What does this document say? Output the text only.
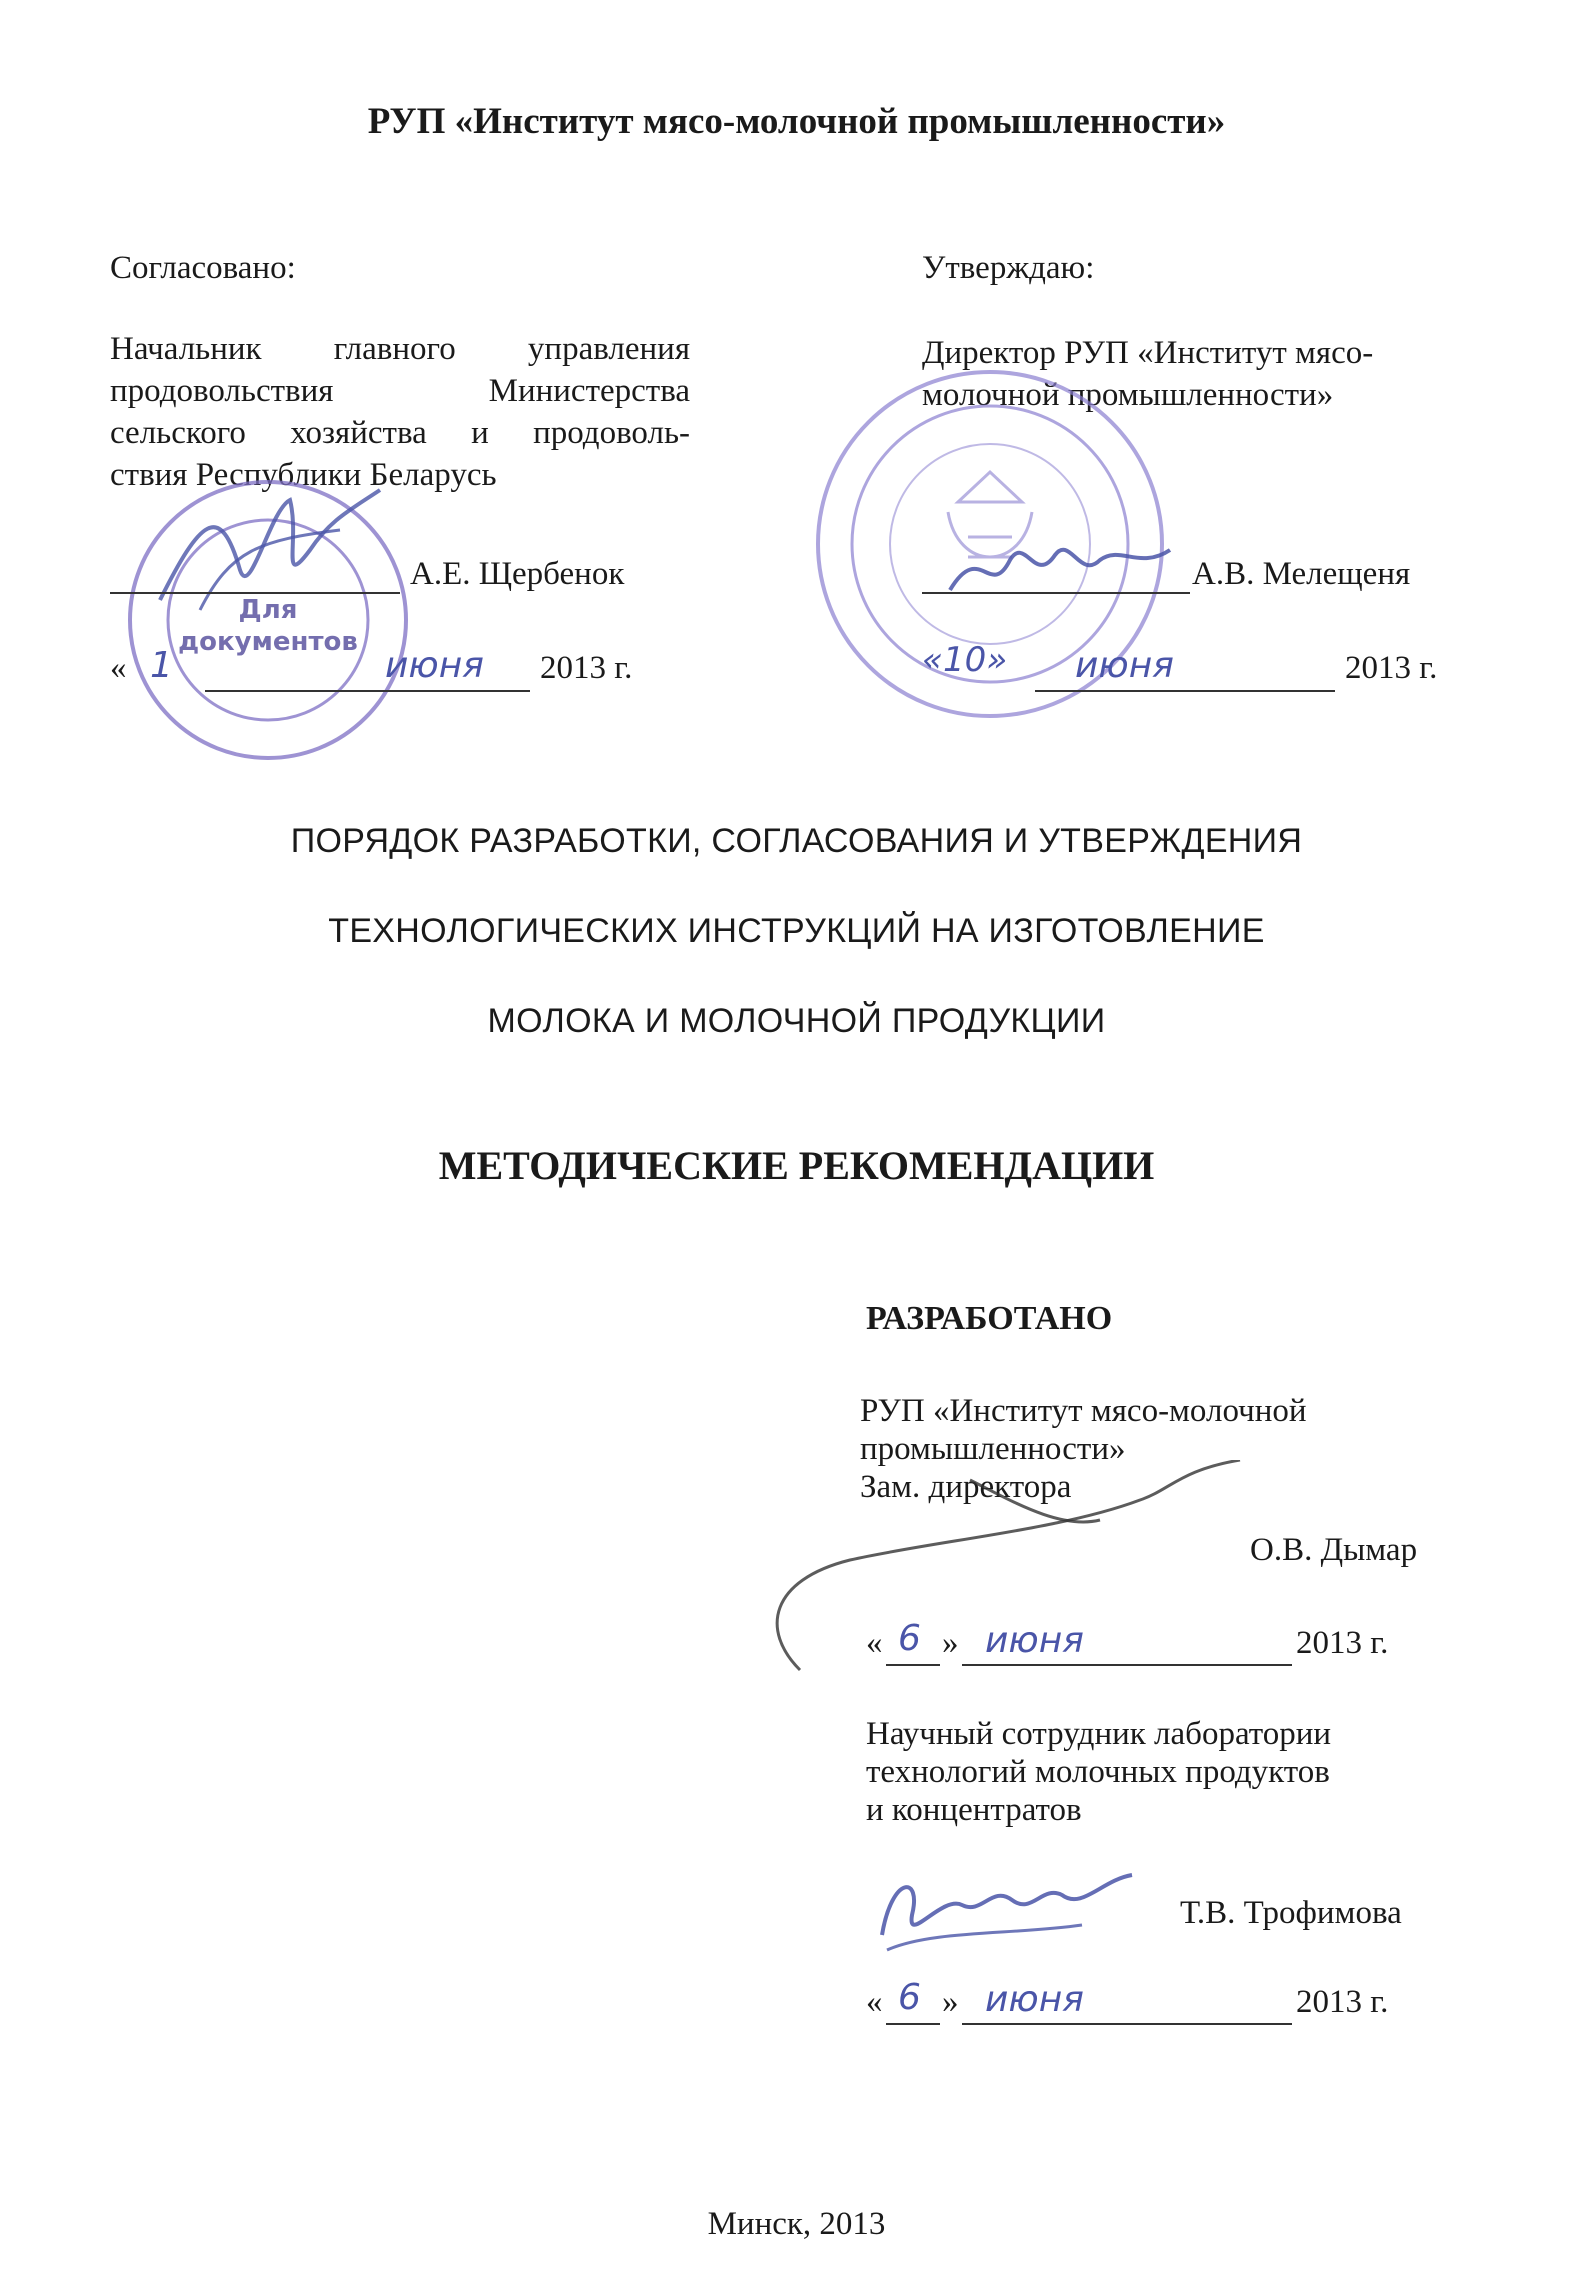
РУП «Институт мясо-молочной промышленности»
Согласовано:
Начальник главного управления
продовольствия Министерства
сельского хозяйства и продоволь-
ствия Республики Беларусь
Для
документов
А.Е. Щербенок
« 1	июня 2013 г.
Утверждаю:
Директор РУП «Институт мясо-
молочной промышленности»
А.В. Мелещеня
«10» июня	2013 г.
ПОРЯДОК РАЗРАБОТКИ, СОГЛАСОВАНИЯ И УТВЕРЖДЕНИЯ
ТЕХНОЛОГИЧЕСКИХ ИНСТРУКЦИЙ НА ИЗГОТОВЛЕНИЕ
МОЛОКА И МОЛОЧНОЙ ПРОДУКЦИИ
МЕТОДИЧЕСКИЕ РЕКОМЕНДАЦИИ
РАЗРАБОТАНО
РУП «Институт мясо-молочной
промышленности»
Зам. директора
О.В. Дымар
« 6 » июня	2013 г.
Научный сотрудник лаборатории
технологий молочных продуктов
и концентратов
Т.В. Трофимова
« 6 » июня	2013 г.
Минск, 2013
